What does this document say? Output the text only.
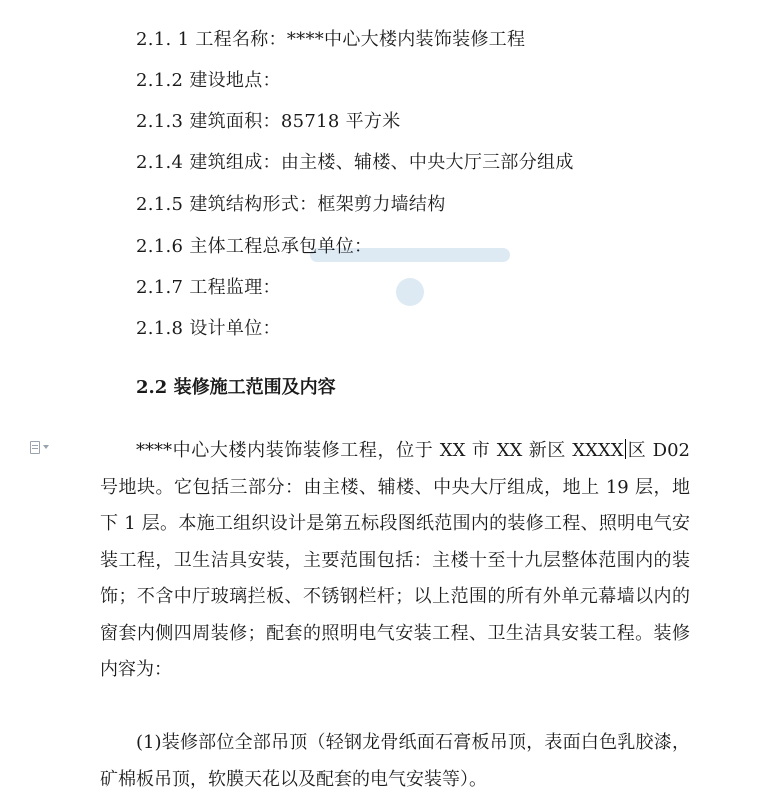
2.1. 1 工程名称：****中心大楼内装饰装修工程
2.1.2 建设地点：
2.1.3 建筑面积：85718 平方米
2.1.4 建筑组成：由主楼、辅楼、中央大厅三部分组成
2.1.5 建筑结构形式：框架剪力墙结构
2.1.6 主体工程总承包单位：
2.1.7 工程监理：
2.1.8 设计单位：
2.2 装修施工范围及内容
****中心大楼内装饰装修工程，位于 XX 市 XX 新区 XXXX 区 D02 号地块。它包括三部分：由主楼、辅楼、中央大厅组成，地上 19 层，地下 1 层。本施工组织设计是第五标段图纸范围内的装修工程、照明电气安装工程，卫生洁具安装，主要范围包括：主楼十至十九层整体范围内的装饰；不含中厅玻璃拦板、不锈钢栏杆；以上范围的所有外单元幕墙以内的窗套内侧四周装修；配套的照明电气安装工程、卫生洁具安装工程。装修内容为：
(1)装修部位全部吊顶（轻钢龙骨纸面石膏板吊顶，表面白色乳胶漆，矿棉板吊顶，软膜天花以及配套的电气安装等）。
